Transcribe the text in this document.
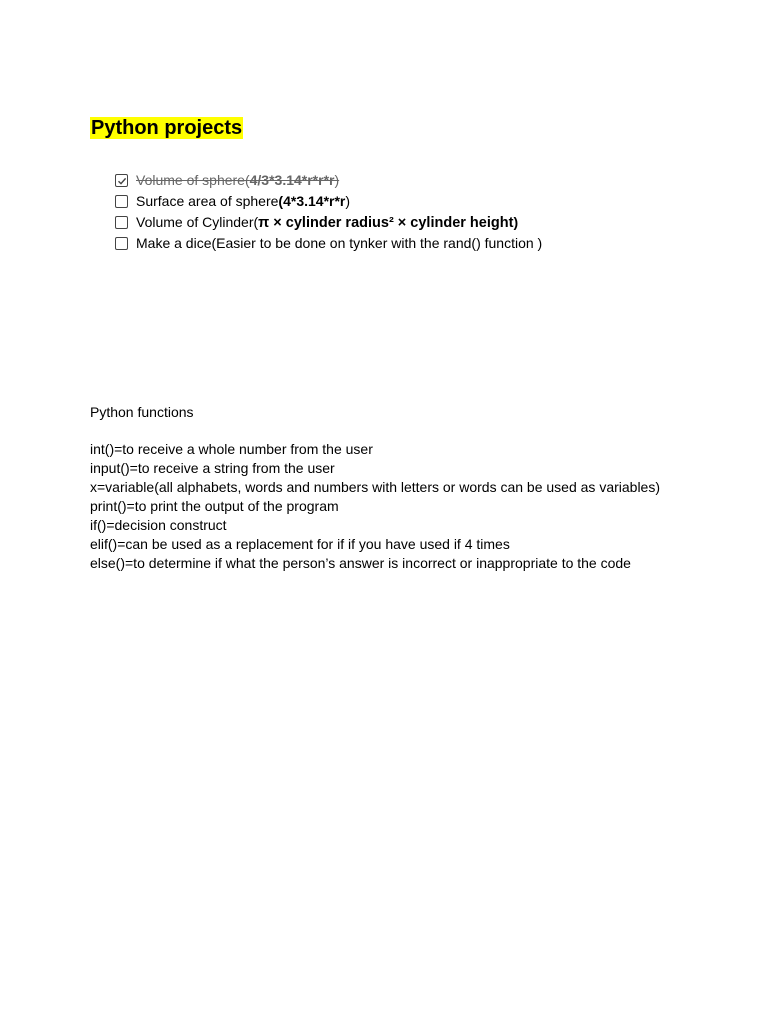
Python projects
Volume of sphere(4/3*3.14*r*r*r)
Surface area of sphere(4*3.14*r*r)
Volume of Cylinder(π × cylinder radius² × cylinder height)
Make a dice(Easier to be done on tynker with the rand() function )

Python functions

int()=to receive a whole number from the user

input()=to receive a string from the user

x=variable(all alphabets, words and numbers with letters or words can be used as variables)

print()=to print the output of the program

if()=decision construct

elif()=can be used as a replacement for if if you have used if 4 times

else()=to determine if what the person’s answer is incorrect or inappropriate to the code
